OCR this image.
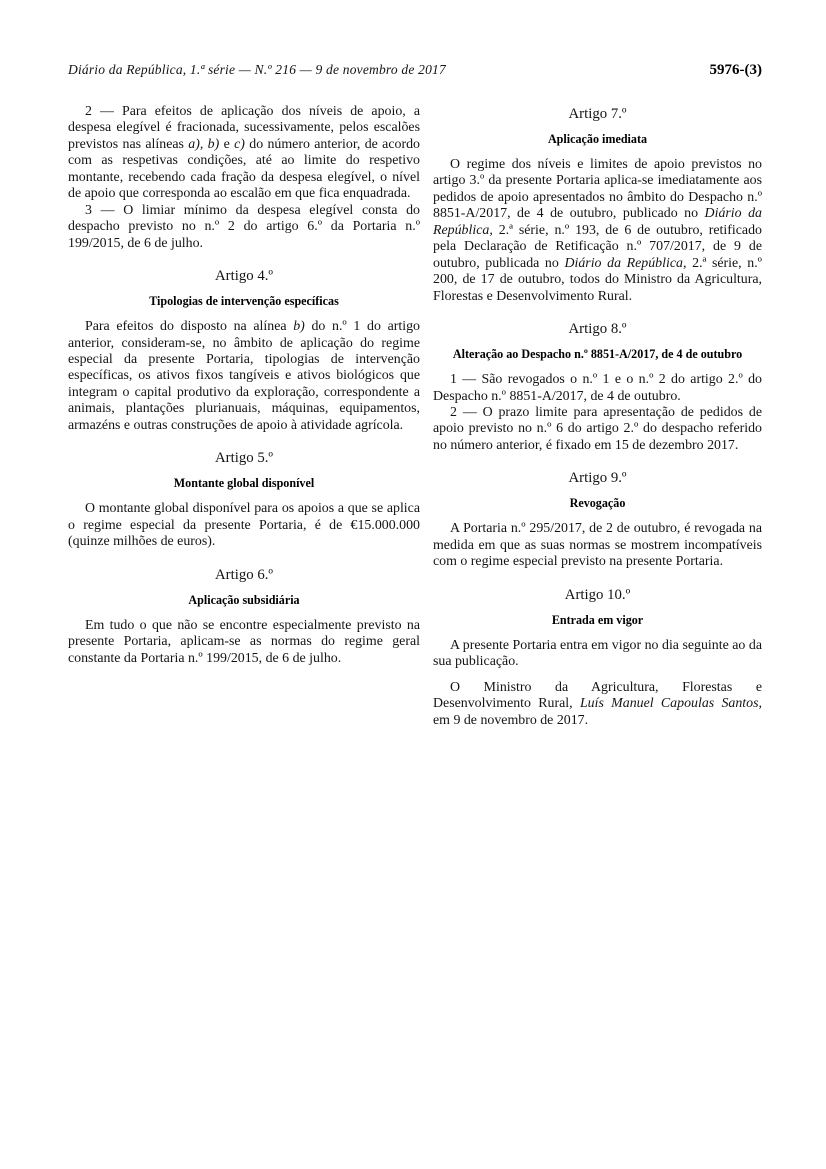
Diário da República, 1.ª série — N.º 216 — 9 de novembro de 2017	5976-(3)

2 — Para efeitos de aplicação dos níveis de apoio, a despesa elegível é fracionada, sucessivamente, pelos escalões previstos nas alíneas a), b) e c) do número anterior, de acordo com as respetivas condições, até ao limite do respetivo montante, recebendo cada fração da despesa elegível, o nível de apoio que corresponda ao escalão em que fica enquadrada.

3 — O limiar mínimo da despesa elegível consta do despacho previsto no n.º 2 do artigo 6.º da Portaria n.º 199/2015, de 6 de julho.

Artigo 4.º
Tipologias de intervenção específicas

Para efeitos do disposto na alínea b) do n.º 1 do artigo anterior, consideram-se, no âmbito de aplicação do regime especial da presente Portaria, tipologias de intervenção específicas, os ativos fixos tangíveis e ativos biológicos que integram o capital produtivo da exploração, correspondente a animais, plantações plurianuais, máquinas, equipamentos, armazéns e outras construções de apoio à atividade agrícola.

Artigo 5.º
Montante global disponível

O montante global disponível para os apoios a que se aplica o regime especial da presente Portaria, é de €15.000.000 (quinze milhões de euros).

Artigo 6.º
Aplicação subsidiária

Em tudo o que não se encontre especialmente previsto na presente Portaria, aplicam-se as normas do regime geral constante da Portaria n.º 199/2015, de 6 de julho.

Artigo 7.º
Aplicação imediata

O regime dos níveis e limites de apoio previstos no artigo 3.º da presente Portaria aplica-se imediatamente aos pedidos de apoio apresentados no âmbito do Despacho n.º 8851-A/2017, de 4 de outubro, publicado no Diário da República, 2.ª série, n.º 193, de 6 de outubro, retificado pela Declaração de Retificação n.º 707/2017, de 9 de outubro, publicada no Diário da República, 2.ª série, n.º 200, de 17 de outubro, todos do Ministro da Agricultura, Florestas e Desenvolvimento Rural.

Artigo 8.º
Alteração ao Despacho n.º 8851-A/2017, de 4 de outubro

1 — São revogados o n.º 1 e o n.º 2 do artigo 2.º do Despacho n.º 8851-A/2017, de 4 de outubro.

2 — O prazo limite para apresentação de pedidos de apoio previsto no n.º 6 do artigo 2.º do despacho referido no número anterior, é fixado em 15 de dezembro 2017.

Artigo 9.º
Revogação

A Portaria n.º 295/2017, de 2 de outubro, é revogada na medida em que as suas normas se mostrem incompatíveis com o regime especial previsto na presente Portaria.

Artigo 10.º
Entrada em vigor

A presente Portaria entra em vigor no dia seguinte ao da sua publicação.

O Ministro da Agricultura, Florestas e Desenvolvimento Rural, Luís Manuel Capoulas Santos, em 9 de novembro de 2017.
